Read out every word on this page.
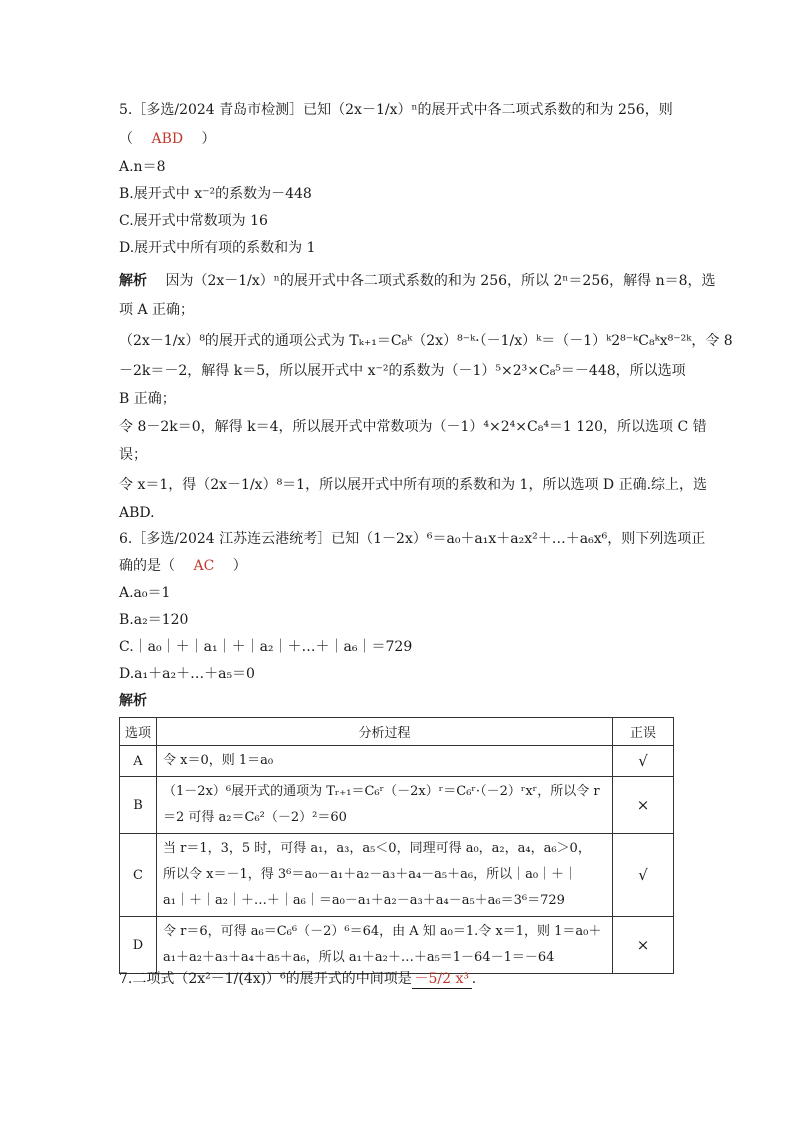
5.［多选/2024 青岛市检测］已知（2x－1/x）ⁿ的展开式中各二项式系数的和为 256，则
（ ABD ）
A.n＝8
B.展开式中 x⁻²的系数为－448
C.展开式中常数项为 16
D.展开式中所有项的系数和为 1
解析 因为（2x－1/x）ⁿ的展开式中各二项式系数的和为 256，所以 2ⁿ＝256，解得 n＝8，选
项 A 正确；
（2x－1/x）⁸的展开式的通项公式为 Tₖ₊₁＝C₈ᵏ（2x）⁸⁻ᵏ·（－1/x）ᵏ＝（－1）ᵏ2⁸⁻ᵏC₈ᵏx⁸⁻²ᵏ，令 8
－2k＝－2，解得 k＝5，所以展开式中 x⁻²的系数为（－1）⁵×2³×C₈⁵＝－448，所以选项
B 正确；
令 8－2k＝0，解得 k＝4，所以展开式中常数项为（－1）⁴×2⁴×C₈⁴＝1 120，所以选项 C 错
误；
令 x＝1，得（2x－1/x）⁸＝1，所以展开式中所有项的系数和为 1，所以选项 D 正确.综上，选
ABD.
6.［多选/2024 江苏连云港统考］已知（1－2x）⁶＝a₀＋a₁x＋a₂x²＋…＋a₆x⁶，则下列选项正
确的是（ AC ）
A.a₀＝1
B.a₂＝120
C.｜a₀｜＋｜a₁｜＋｜a₂｜＋…＋｜a₆｜＝729
D.a₁＋a₂＋…＋a₅＝0
解析
选项	分析过程	正误
A	令 x＝0，则 1＝a₀	√
B	（1－2x）⁶展开式的通项为 Tᵣ₊₁＝C₆ʳ（－2x）ʳ＝C₆ʳ·（－2）ʳxʳ，所以令 r
＝2 可得 a₂＝C₆²（－2）²＝60	×
C	当 r＝1，3，5 时，可得 a₁，a₃，a₅＜0，同理可得 a₀，a₂，a₄，a₆＞0，
所以令 x＝－1，得 3⁶＝a₀－a₁＋a₂－a₃＋a₄－a₅＋a₆，所以｜a₀｜＋｜
a₁｜＋｜a₂｜＋…＋｜a₆｜＝a₀－a₁＋a₂－a₃＋a₄－a₅＋a₆＝3⁶＝729	√
D	令 r＝6，可得 a₆＝C₆⁶（－2）⁶＝64，由 A 知 a₀＝1.令 x＝1，则 1＝a₀＋
a₁＋a₂＋a₃＋a₄＋a₅＋a₆，所以 a₁＋a₂＋…＋a₅＝1－64－1＝－64	×
7.二项式（2x²－1/(4x)）⁶的展开式的中间项是 －5/2 x³ .
